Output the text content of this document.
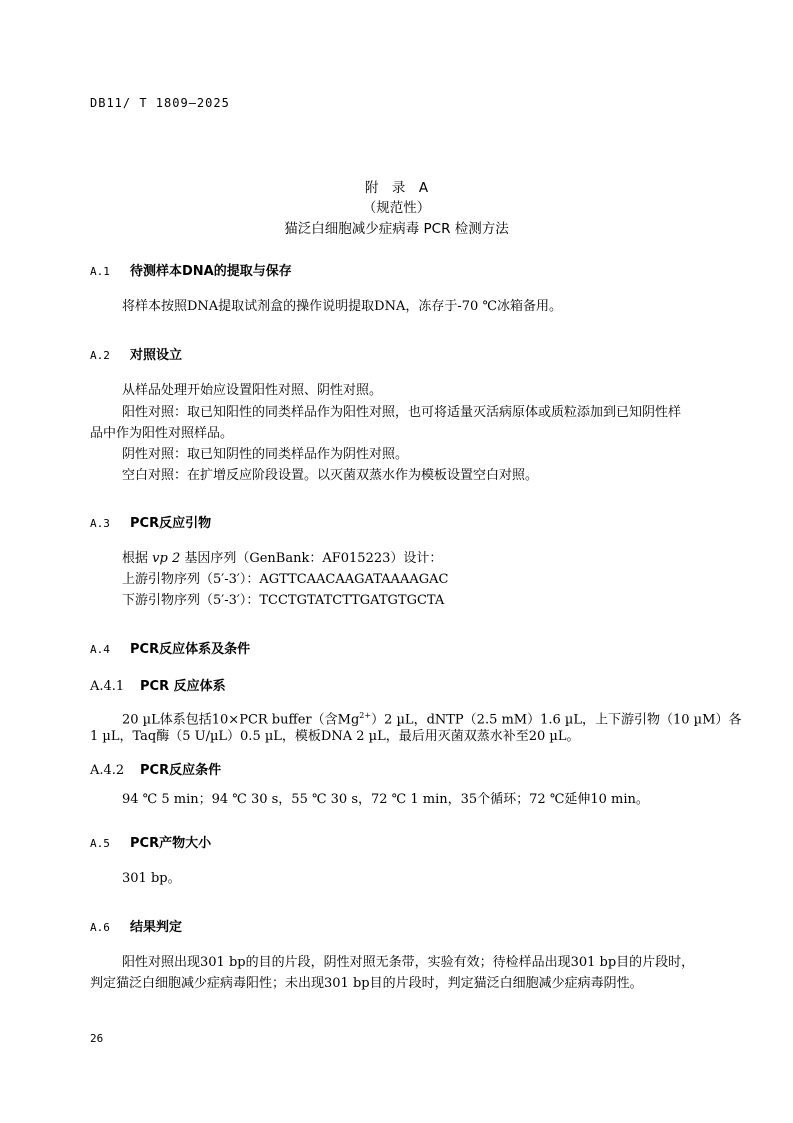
DB11/ T 1809—2025
附　录　A
（规范性）
猫泛白细胞减少症病毒 PCR 检测方法
A.1 待测样本DNA的提取与保存
将样本按照DNA提取试剂盒的操作说明提取DNA，冻存于-70 ℃冰箱备用。
A.2 对照设立
从样品处理开始应设置阳性对照、阴性对照。
阳性对照：取已知阳性的同类样品作为阳性对照，也可将适量灭活病原体或质粒添加到已知阴性样
品中作为阳性对照样品。
阴性对照：取已知阴性的同类样品作为阴性对照。
空白对照：在扩增反应阶段设置。以灭菌双蒸水作为模板设置空白对照。
A.3 PCR反应引物
根据 vp 2 基因序列（GenBank：AF015223）设计：
上游引物序列（5′-3′）：AGTTCAACAAGATAAAAGAC
下游引物序列（5′-3′）：TCCTGTATCTTGATGTGCTA
A.4 PCR反应体系及条件
A.4.1 PCR 反应体系
20 µL体系包括10×PCR buffer（含$Mg^{2+})2$ µL，dNTP（2.5 mM）1.6 µL，上下游引物（10 µM）各
1 µL，Taq酶（5 U/µL）0.5 µL，模板DNA 2 µL，最后用灭菌双蒸水补至20 µL。
A.4.2 PCR反应条件
94 ℃ 5 min；94 ℃ 30 s，55 ℃ 30 s，72 ℃ 1 min，35个循环；72 ℃延伸10 min。
A.5 PCR产物大小
301 bp。
A.6 结果判定
阳性对照出现301 bp的目的片段，阴性对照无条带，实验有效；待检样品出现301 bp目的片段时，
判定猫泛白细胞减少症病毒阳性；未出现301 bp目的片段时，判定猫泛白细胞减少症病毒阴性。
26
